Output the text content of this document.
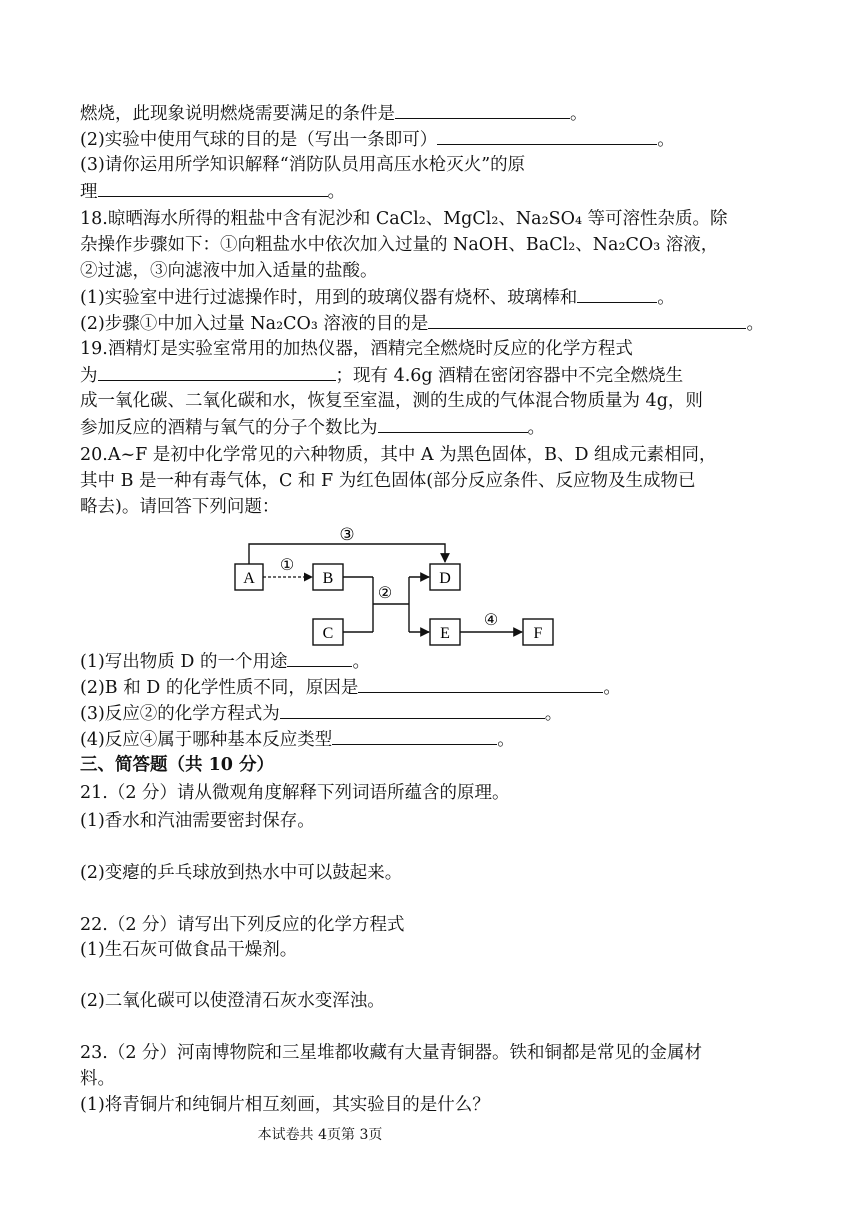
燃烧，此现象说明燃烧需要满足的条件是	。
(2)实验中使用气球的目的是（写出一条即可）	。
(3)请你运用所学知识解释“消防队员用高压水枪灭火”的原
理	。
18.晾晒海水所得的粗盐中含有泥沙和 CaCl₂、MgCl₂、Na₂SO₄ 等可溶性杂质。除
杂操作步骤如下：①向粗盐水中依次加入过量的 NaOH、BaCl₂、Na₂CO₃ 溶液，
②过滤，③向滤液中加入适量的盐酸。
(1)实验室中进行过滤操作时，用到的玻璃仪器有烧杯、玻璃棒和	。
(2)步骤①中加入过量 Na₂CO₃ 溶液的目的是	。
19.酒精灯是实验室常用的加热仪器，酒精完全燃烧时反应的化学方程式
为	；现有 4.6g 酒精在密闭容器中不完全燃烧生
成一氧化碳、二氧化碳和水，恢复至室温，测的生成的气体混合物质量为 4g，则
参加反应的酒精与氧气的分子个数比为	。
20.A~F 是初中化学常见的六种物质，其中 A 为黑色固体，B、D 组成元素相同，
其中 B 是一种有毒气体，C 和 F 为红色固体(部分反应条件、反应物及生成物已
略去)。请回答下列问题：
③
A	B	D
C	E	F
①
②
④
(1)写出物质 D 的一个用途	。
(2)B 和 D 的化学性质不同，原因是	。
(3)反应②的化学方程式为	。
(4)反应④属于哪种基本反应类型	。
三、简答题（共 10 分）
21.（2 分）请从微观角度解释下列词语所蕴含的原理。
(1)香水和汽油需要密封保存。
(2)变瘪的乒乓球放到热水中可以鼓起来。
22.（2 分）请写出下列反应的化学方程式
(1)生石灰可做食品干燥剂。
(2)二氧化碳可以使澄清石灰水变浑浊。
23.（2 分）河南博物院和三星堆都收藏有大量青铜器。铁和铜都是常见的金属材
料。
(1)将青铜片和纯铜片相互刻画，其实验目的是什么？
本试卷共 4页第 3页
